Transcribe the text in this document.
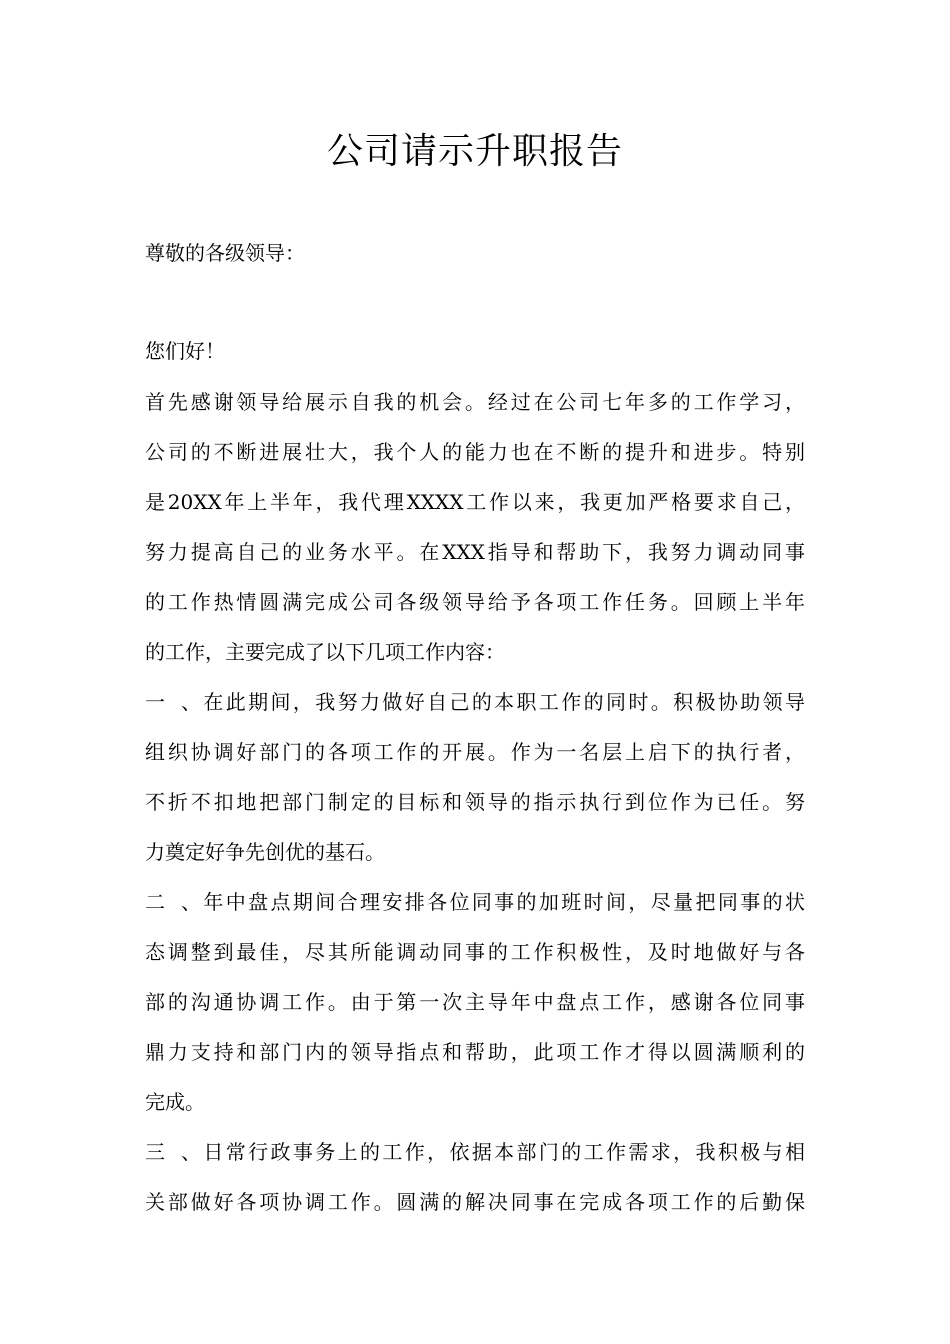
公司请示升职报告
尊敬的各级领导：
您们好！
首先感谢领导给展示自我的机会。经过在公司七年多的工作学习，
公司的不断进展壮大，我个人的能力也在不断的提升和进步。特别
是20XX年上半年，我代理XXXX工作以来，我更加严格要求自己，
努力提高自己的业务水平。在XXX指导和帮助下，我努力调动同事
的工作热情圆满完成公司各级领导给予各项工作任务。回顾上半年
的工作，主要完成了以下几项工作内容：
一、在此期间，我努力做好自己的本职工作的同时。积极协助领导
组织协调好部门的各项工作的开展。作为一名层上启下的执行者，
不折不扣地把部门制定的目标和领导的指示执行到位作为已任。努
力奠定好争先创优的基石。
二、年中盘点期间合理安排各位同事的加班时间，尽量把同事的状
态调整到最佳，尽其所能调动同事的工作积极性，及时地做好与各
部的沟通协调工作。由于第一次主导年中盘点工作，感谢各位同事
鼎力支持和部门内的领导指点和帮助，此项工作才得以圆满顺利的
完成。
三、日常行政事务上的工作，依据本部门的工作需求，我积极与相
关部做好各项协调工作。圆满的解决同事在完成各项工作的后勤保
